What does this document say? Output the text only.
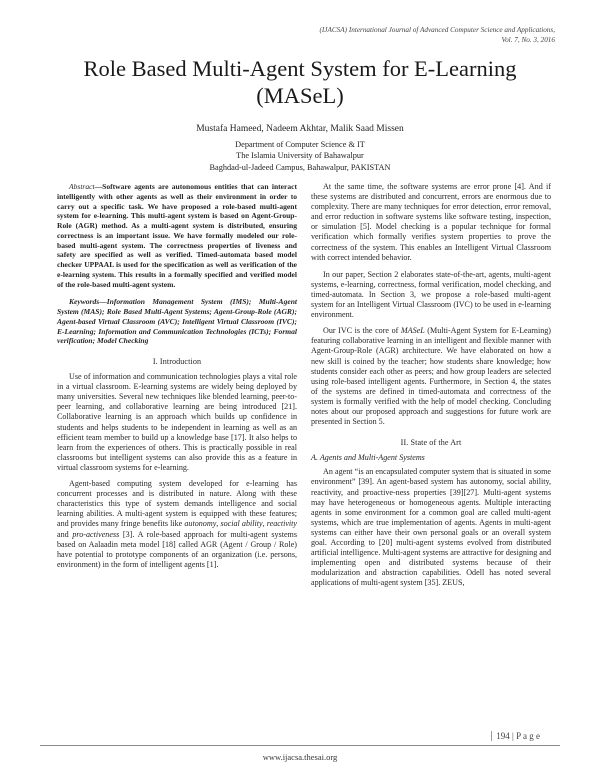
(IJACSA) International Journal of Advanced Computer Science and Applications,
Vol. 7, No. 3, 2016
Role Based Multi-Agent System for E-Learning
(MASeL)
Mustafa Hameed, Nadeem Akhtar, Malik Saad Missen
Department of Computer Science & IT
The Islamia University of Bahawalpur
Baghdad-ul-Jadeed Campus, Bahawalpur, PAKISTAN

Abstract—Software agents are autonomous entities that can interact intelligently with other agents as well as their environment in order to carry out a specific task. We have proposed a role-based multi-agent system for e-learning. This multi-agent system is based on Agent-Group-Role (AGR) method. As a multi-agent system is distributed, ensuring correctness is an important issue. We have formally modeled our role-based multi-agent system. The correctness properties of liveness and safety are specified as well as verified. Timed-automata based model checker UPPAAL is used for the specification as well as verification of the e-learning system. This results in a formally specified and verified model of the role-based multi-agent system.

Keywords—Information Management System (IMS); Multi-Agent System (MAS); Role Based Multi-Agent Systems; Agent-Group-Role (AGR); Agent-based Virtual Classroom (AVC); Intelligent Virtual Classroom (IVC); E-Learning; Information and Communication Technologies (ICTs); Formal verification; Model Checking

I. Introduction

Use of information and communication technologies plays a vital role in a virtual classroom. E-learning systems are widely being deployed by many universities. Several new techniques like blended learning, peer-to-peer learning, and collaborative learning are being introduced [21]. Collaborative learning is an approach which builds up confidence in students and helps students to be independent in learning as well as an efficient team member to build up a knowledge base [17]. It also helps to learn from the experiences of others. This is practically possible in real classrooms but intelligent systems can also provide this as a feature in virtual classroom systems for e-learning.

Agent-based computing system developed for e-learning has concurrent processes and is distributed in nature. Along with these characteristics this type of system demands intelligence and social learning abilities. A multi-agent system is equipped with these features; and provides many fringe benefits like autonomy, social ability, reactivity and pro-activeness [3]. A role-based approach for multi-agent systems based on Aalaadin meta model [18] called AGR (Agent / Group / Role) have potential to prototype components of an organization (i.e. persons, environment) in the form of intelligent agents [1].

At the same time, the software systems are error prone [4]. And if these systems are distributed and concurrent, errors are enormous due to complexity. There are many techniques for error detection, error removal, and error reduction in software systems like software testing, inspection, or simulation [5]. Model checking is a popular technique for formal verification which formally verifies system properties to prove the correctness of the system. This enables an Intelligent Virtual Classroom with correct intended behavior.

In our paper, Section 2 elaborates state-of-the-art, agents, multi-agent systems, e-learning, correctness, formal verification, model checking, and timed-automata. In Section 3, we propose a role-based multi-agent system for an Intelligent Virtual Classroom (IVC) to be used in e-learning environment.

Our IVC is the core of MASeL (Multi-Agent System for E-Learning) featuring collaborative learning in an intelligent and flexible manner with Agent-Group-Role (AGR) architecture. We have elaborated on how a new skill is coined by the teacher; how students share knowledge; how students consider each other as peers; and how group leaders are selected using role-based intelligent agents. Furthermore, in Section 4, the states of the systems are defined in timed-automata and correctness of the system is formally verified with the help of model checking. Concluding notes about our proposed approach and suggestions for future work are presented in Section 5.

II. State of the Art
A. Agents and Multi-Agent Systems

An agent “is an encapsulated computer system that is situated in some environment” [39]. An agent-based system has autonomy, social ability, reactivity, and proactive-ness properties [39][27]. Multi-agent systems may have heterogeneous or homogeneous agents. Multiple interacting agents in some environment for a common goal are called multi-agent systems, which are true implementation of agents. Agents in multi-agent systems can either have their own personal goals or an overall system goal. According to [20] multi-agent systems evolved from distributed artificial intelligence. Multi-agent systems are attractive for designing and implementing open and distributed systems because of their modularization and abstraction capabilities. Odell has noted several applications of multi-agent system [35]. ZEUS,

194 | P a g e
www.ijacsa.thesai.org
